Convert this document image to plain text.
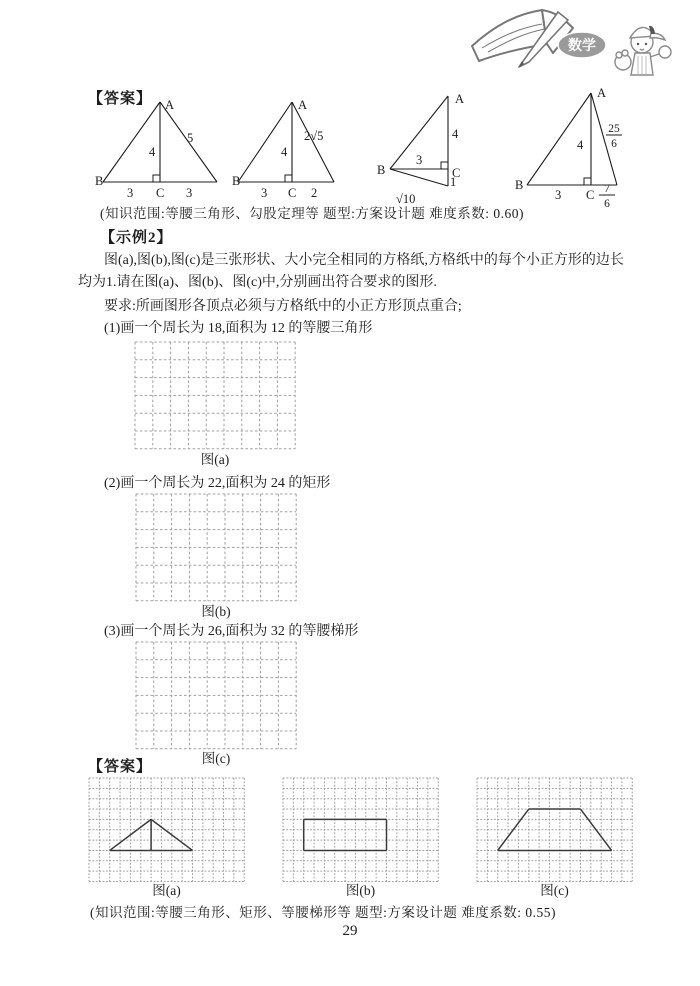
数学
【答案】 A
4
5
B
3 C 3
A
4
2√5
B
3 C 2
A
4
3
B	C
1
√10
A
4
B
3 C
25
6
7
6
(知识范围:等腰三角形、勾股定理等 题型:方案设计题 难度系数: 0.60)
【示例2】
图(a),图(b),图(c)是三张形状、大小完全相同的方格纸,方格纸中的每个小正方形的边长
均为1.请在图(a)、图(b)、图(c)中,分别画出符合要求的图形.
要求:所画图形各顶点必须与方格纸中的小正方形顶点重合;
(1)画一个周长为 18,面积为 12 的等腰三角形
图(a)
(2)画一个周长为 22,面积为 24 的矩形
图(b)
(3)画一个周长为 26,面积为 32 的等腰梯形
图(c)
【答案】
图(a)	图(b)	图(c)
(知识范围:等腰三角形、矩形、等腰梯形等 题型:方案设计题 难度系数: 0.55)
29
